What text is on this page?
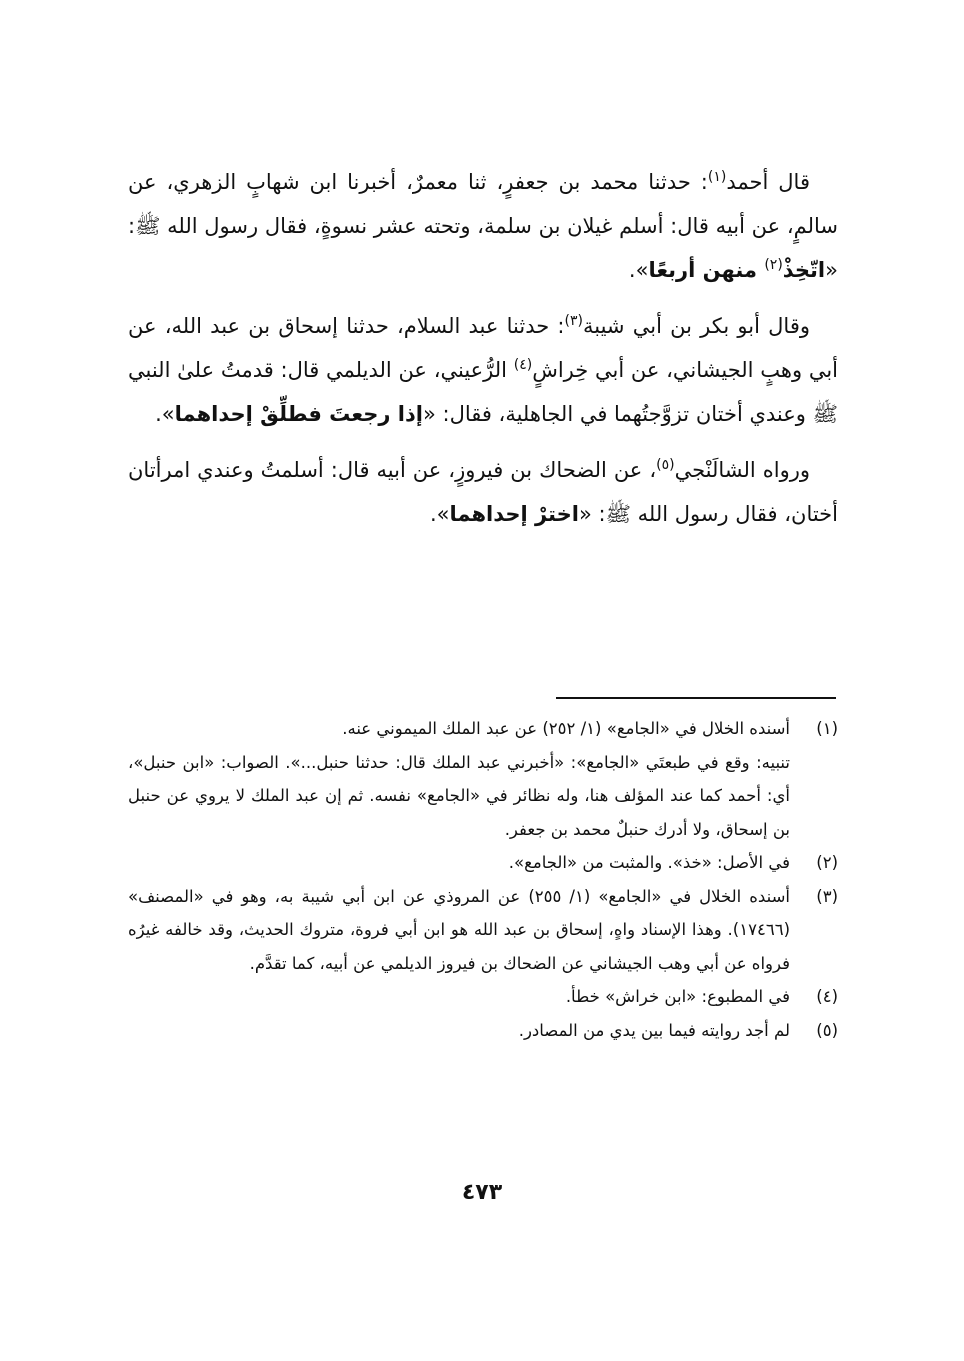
قال أحمد$^{(١)}$: حدثنا محمد بن جعفرٍ، ثنا معمرٌ، أخبرنا ابن شهابٍ الزهري، عن سالمٍ، عن أبيه قال: أسلم غيلان بن سلمة، وتحته عشر نسوةٍ، فقال رسول الله ﷺ: «اتّخِذْ$^{(٢)}$ منهن أربعًا».

وقال أبو بكر بن أبي شيبة$^{(٣)}$: حدثنا عبد السلام، حدثنا إسحاق بن عبد الله، عن أبي وهبٍ الجيشاني، عن أبي خِراشٍ$^{(٤)}$ الرُّعيني، عن الديلمي قال: قدمتُ علىٰ النبي ﷺ وعندي أختان تزوَّجتُهما في الجاهلية، فقال: «إذا رجعتَ فطلِّقْ إحداهما».

ورواه الشالَنْجي$^{(٥)}$، عن الضحاك بن فيروزٍ، عن أبيه قال: أسلمتُ وعندي امرأتان أختان، فقال رسول الله ﷺ: «اخترْ إحداهما».

(١)

أسنده الخلال في «الجامع» (١/ ٢٥٢) عن عبد الملك الميموني عنه.

تنبيه: وقع في طبعتَي «الجامع»: «أخبرني عبد الملك قال: حدثنا حنبل...». الصواب: «ابن حنبل»، أي: أحمد كما عند المؤلف هنا، وله نظائر في «الجامع» نفسه. ثم إن عبد الملك لا يروي عن حنبل بن إسحاق، ولا أدرك حنبلٌ محمد بن جعفر.

(٢)

في الأصل: «خذ». والمثبت من «الجامع».

(٣)

أسنده الخلال في «الجامع» (١/ ٢٥٥) عن المروذي عن ابن أبي شيبة به، وهو في «المصنف» (١٧٤٦٦). وهذا الإسناد واهٍ، إسحاق بن عبد الله هو ابن أبي فروة، متروك الحديث، وقد خالفه غيرُه فرواه عن أبي وهب الجيشاني عن الضحاك بن فيروز الديلمي عن أبيه، كما تقدَّم.

(٤)

في المطبوع: «ابن خراش» خطأ.

(٥)

لم أجد روايته فيما بين يدي من المصادر.

٤٧٣
